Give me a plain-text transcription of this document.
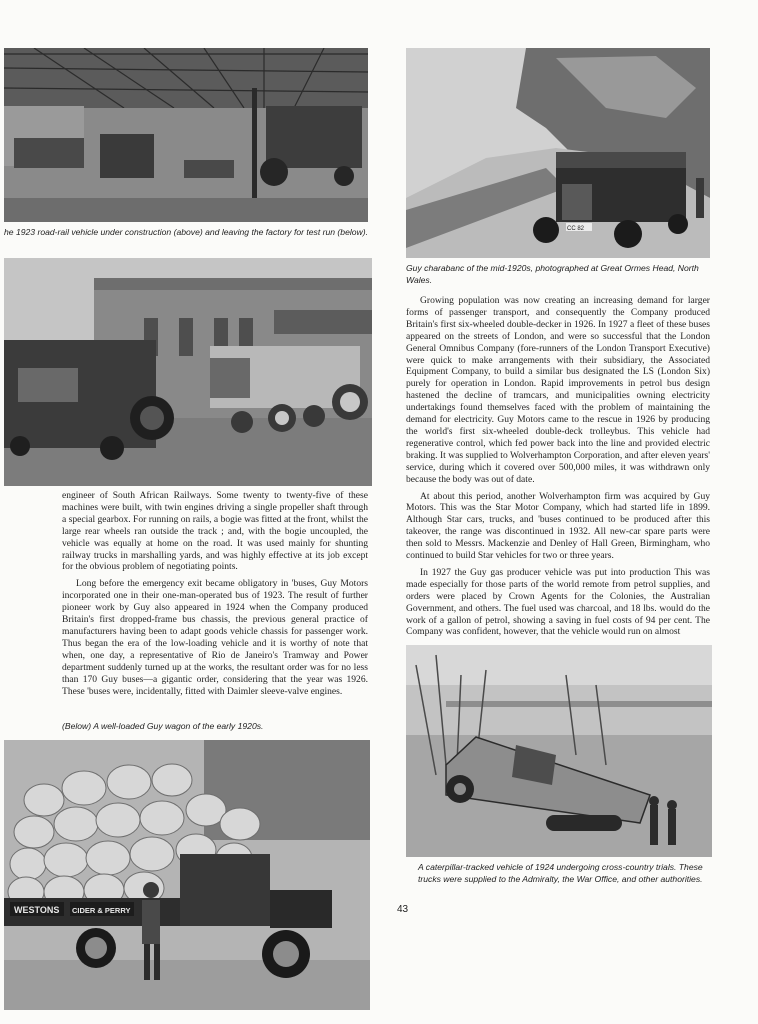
he 1923 road-rail vehicle under construction (above) and leaving the factory for test run (below).

engineer of South African Railways. Some twenty to twenty-five of these machines were built, with twin engines driving a single propeller shaft through a special gearbox. For running on rails, a bogie was fitted at the front, whilst the large rear wheels ran outside the track ; and, with the bogie uncoupled, the vehicle was equally at home on the road. It was used mainly for shunting railway trucks in marshalling yards, and was highly effective at its job except for the obvious problem of negotiating points.

Long before the emergency exit became obligatory in 'buses, Guy Motors incorporated one in their one-man-operated bus of 1923. The result of further pioneer work by Guy also appeared in 1924 when the Company produced Britain's first dropped-frame bus chassis, the previous general practice of manufacturers having been to adapt goods vehicle chassis for passenger work. Thus began the era of the low-loading vehicle and it is worthy of note that when, one day, a representative of Rio de Janeiro's Tramway and Power department suddenly turned up at the works, the resultant order was for no less than 170 Guy buses—a gigantic order, considering that the year was 1926. These 'buses were, incidentally, fitted with Daimler sleeve-valve engines.

(Below) A well-loaded Guy wagon of the early 1920s.
WESTONS CIDER & PERRY
CC 82
Guy charabanc of the mid-1920s, photographed at Great Ormes Head, North Wales.

Growing population was now creating an increasing demand for larger forms of passenger transport, and consequently the Company produced Britain's first six-wheeled double-decker in 1926. In 1927 a fleet of these buses appeared on the streets of London, and were so successful that the London General Omnibus Company (fore-runners of the London Transport Executive) were quick to make arrangements with their subsidiary, the Associated Equipment Company, to build a similar bus designated the LS (London Six) purely for operation in London. Rapid improvements in petrol bus design hastened the decline of tramcars, and municipalities owning electricity undertakings found themselves faced with the problem of maintaining the demand for electricity. Guy Motors came to the rescue in 1926 by producing the world's first six-wheeled double-deck trolleybus. This vehicle had regenerative control, which fed power back into the line and provided electric braking. It was supplied to Wolverhampton Corporation, and after eleven years' service, during which it covered over 500,000 miles, it was withdrawn only because the body was out of date.

At about this period, another Wolverhampton firm was acquired by Guy Motors. This was the Star Motor Company, which had started life in 1899. Although Star cars, trucks, and 'buses continued to be produced after this takeover, the range was discontinued in 1932. All new-car spare parts were then sold to Messrs. Mackenzie and Denley of Hall Green, Birmingham, who continued to build Star vehicles for two or three years.

In 1927 the Guy gas producer vehicle was put into production This was made especially for those parts of the world remote from petrol supplies, and orders were placed by Crown Agents for the Colonies, the Australian Government, and others. The fuel used was charcoal, and 18 lbs. would do the work of a gallon of petrol, showing a saving in fuel costs of 94 per cent. The Company was confident, however, that the vehicle would run on almost

A caterpillar-tracked vehicle of 1924 undergoing cross-country trials. These trucks were supplied to the Admiralty, the War Office, and other authorities.
43
